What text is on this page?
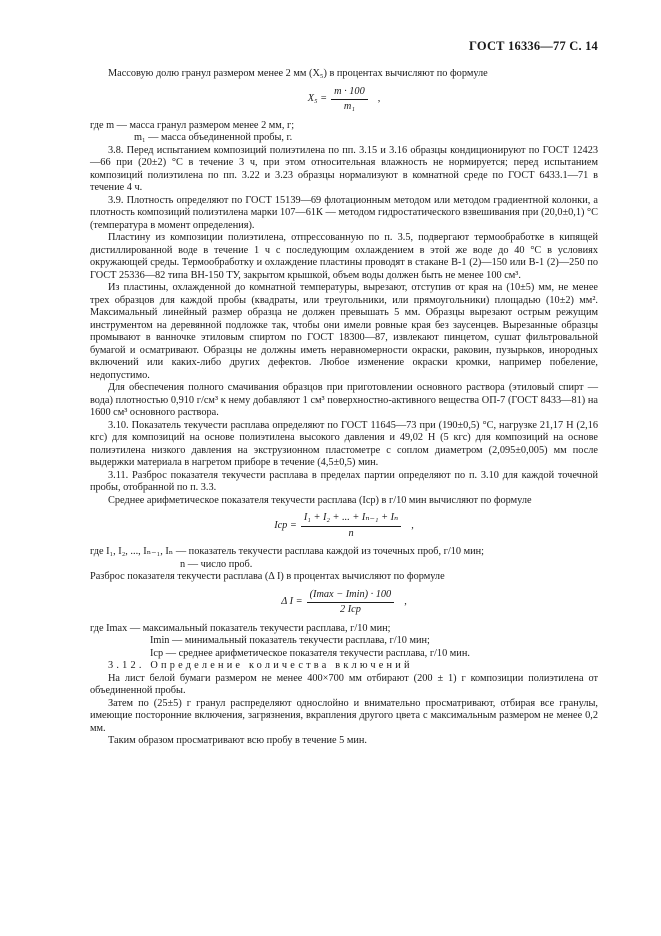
ГОСТ 16336—77 С. 14

Массовую долю гранул размером менее 2 мм (X₅) в процентах вычисляют по формуле

$X_5 = \frac{m \cdot 100}{\text{m₁}}$ ,

где m — масса гранул размером менее 2 мм, г;

m₁ — масса объединенной пробы, г.

3.8. Перед испытанием композиций полиэтилена по пп. 3.15 и 3.16 образцы кондиционируют по ГОСТ 12423—66 при (20±2) °С в течение 3 ч, при этом относительная влажность не нормируется; перед испытанием композиций полиэтилена по пп. 3.22 и 3.23 образцы нормализуют в комнатной среде по ГОСТ 6433.1—71 в течение 4 ч.

3.9. Плотность определяют по ГОСТ 15139—69 флотационным методом или методом градиентной колонки, а плотность композиций полиэтилена марки 107—61К — методом гидростатического взвешивания при (20,0±0,1) °С (температура в момент определения).

Пластину из композиции полиэтилена, отпрессованную по п. 3.5, подвергают термообработке в кипящей дистиллированной воде в течение 1 ч с последующим охлаждением в этой же воде до 40 °С в условиях окружающей среды. Термообработку и охлаждение пластины проводят в стакане В-1 (2)—150 или В-1 (2)—250 по ГОСТ 25336—82 типа ВН-150 ТУ, закрытом крышкой, объем воды должен быть не менее 100 см³.

Из пластины, охлажденной до комнатной температуры, вырезают, отступив от края на (10±5) мм, не менее трех образцов для каждой пробы (квадраты, или треугольники, или прямоугольники) площадью (10±2) мм². Максимальный линейный размер образца не должен превышать 5 мм. Образцы вырезают острым режущим инструментом на деревянной подложке так, чтобы они имели ровные края без заусенцев. Вырезанные образцы промывают в ванночке этиловым спиртом по ГОСТ 18300—87, извлекают пинцетом, сушат фильтровальной бумагой и осматривают. Образцы не должны иметь неравномерности окраски, раковин, пузырьков, инородных включений или каких-либо других дефектов. Любое изменение окраски кромки, например побеление, недопустимо.

Для обеспечения полного смачивания образцов при приготовлении основного раствора (этиловый спирт — вода) плотностью 0,910 г/см³ к нему добавляют 1 см³ поверхностно-активного вещества ОП-7 (ГОСТ 8433—81) на 1600 см³ основного раствора.

3.10. Показатель текучести расплава определяют по ГОСТ 11645—73 при (190±0,5) °С, нагрузке 21,17 Н (2,16 кгс) для композиций на основе полиэтилена высокого давления и 49,02 Н (5 кгс) для композиций на основе полиэтилена низкого давления на экструзионном пластометре с соплом диаметром (2,095±0,005) мм после выдержки материала в нагретом приборе в течение (4,5±0,5) мин.

3.11. Разброс показателя текучести расплава в пределах партии определяют по п. 3.10 для каждой точечной пробы, отобранной по п. 3.3.

Среднее арифметическое показателя текучести расплава (Iср) в г/10 мин вычисляют по формуле

Iср = $\frac{\text{I₁ + I₂ + ... + Iₙ₋₁ + Iₙ}}{n}$ ,

где I₁, I₂, ..., Iₙ₋₁, Iₙ — показатель текучести расплава каждой из точечных проб, г/10 мин;

n — число проб.

Разброс показателя текучести расплава (Δ I) в процентах вычисляют по формуле

Δ $I = \frac{(Imax - Imin) \cdot 100}{\text{2 Iср}}$ ,

где Imax — максимальный показатель текучести расплава, г/10 мин;

Imin — минимальный показатель текучести расплава, г/10 мин;

Iср — среднее арифметическое показателя текучести расплава, г/10 мин.

3.12. Определение количества включений

На лист белой бумаги размером не менее 400×700 мм отбирают (200 ± 1) г композиции полиэтилена от объединенной пробы.

Затем по (25±5) г гранул распределяют однослойно и внимательно просматривают, отбирая все гранулы, имеющие посторонние включения, загрязнения, вкрапления другого цвета с максимальным размером не менее 0,2 мм.

Таким образом просматривают всю пробу в течение 5 мин.
